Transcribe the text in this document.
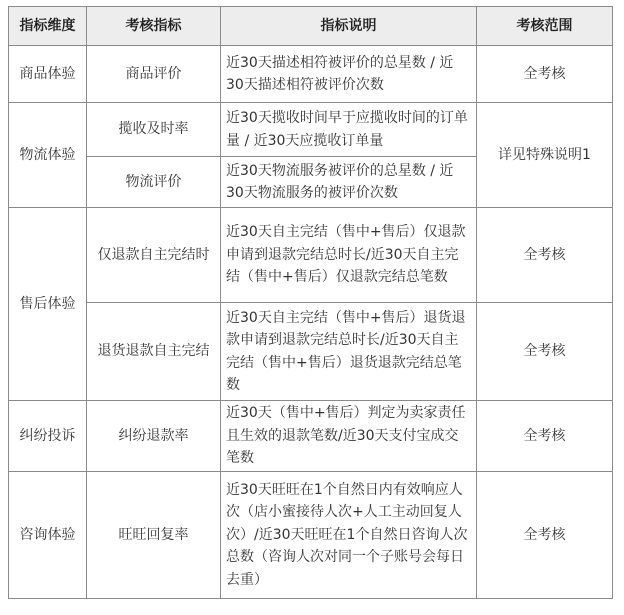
指标维度	考核指标	指标说明	考核范围
商品体验	商品评价	近30天描述相符被评价的总星数 / 近30天描述相符被评价次数	全考核
物流体验	揽收及时率	近30天揽收时间早于应揽收时间的订单量 / 近30天应揽收订单量	详见特殊说明1
	物流评价	近30天物流服务被评价的总星数 / 近30天物流服务的被评价次数	
售后体验	仅退款自主完结时	近30天自主完结（售中+售后）仅退款申请到退款完结总时长/近30天自主完结（售中+售后）仅退款完结总笔数	全考核
	退货退款自主完结	近30天自主完结（售中+售后）退货退款申请到退款完结总时长/近30天自主完结（售中+售后）退货退款完结总笔数	全考核
纠纷投诉	纠纷退款率	近30天（售中+售后）判定为卖家责任且生效的退款笔数/近30天支付宝成交笔数	全考核
咨询体验	旺旺回复率	近30天旺旺在1个自然日内有效响应人次（店小蜜接待人次+人工主动回复人次）/近30天旺旺在1个自然日咨询人次总数（咨询人次对同一个子账号会每日去重）	全考核
